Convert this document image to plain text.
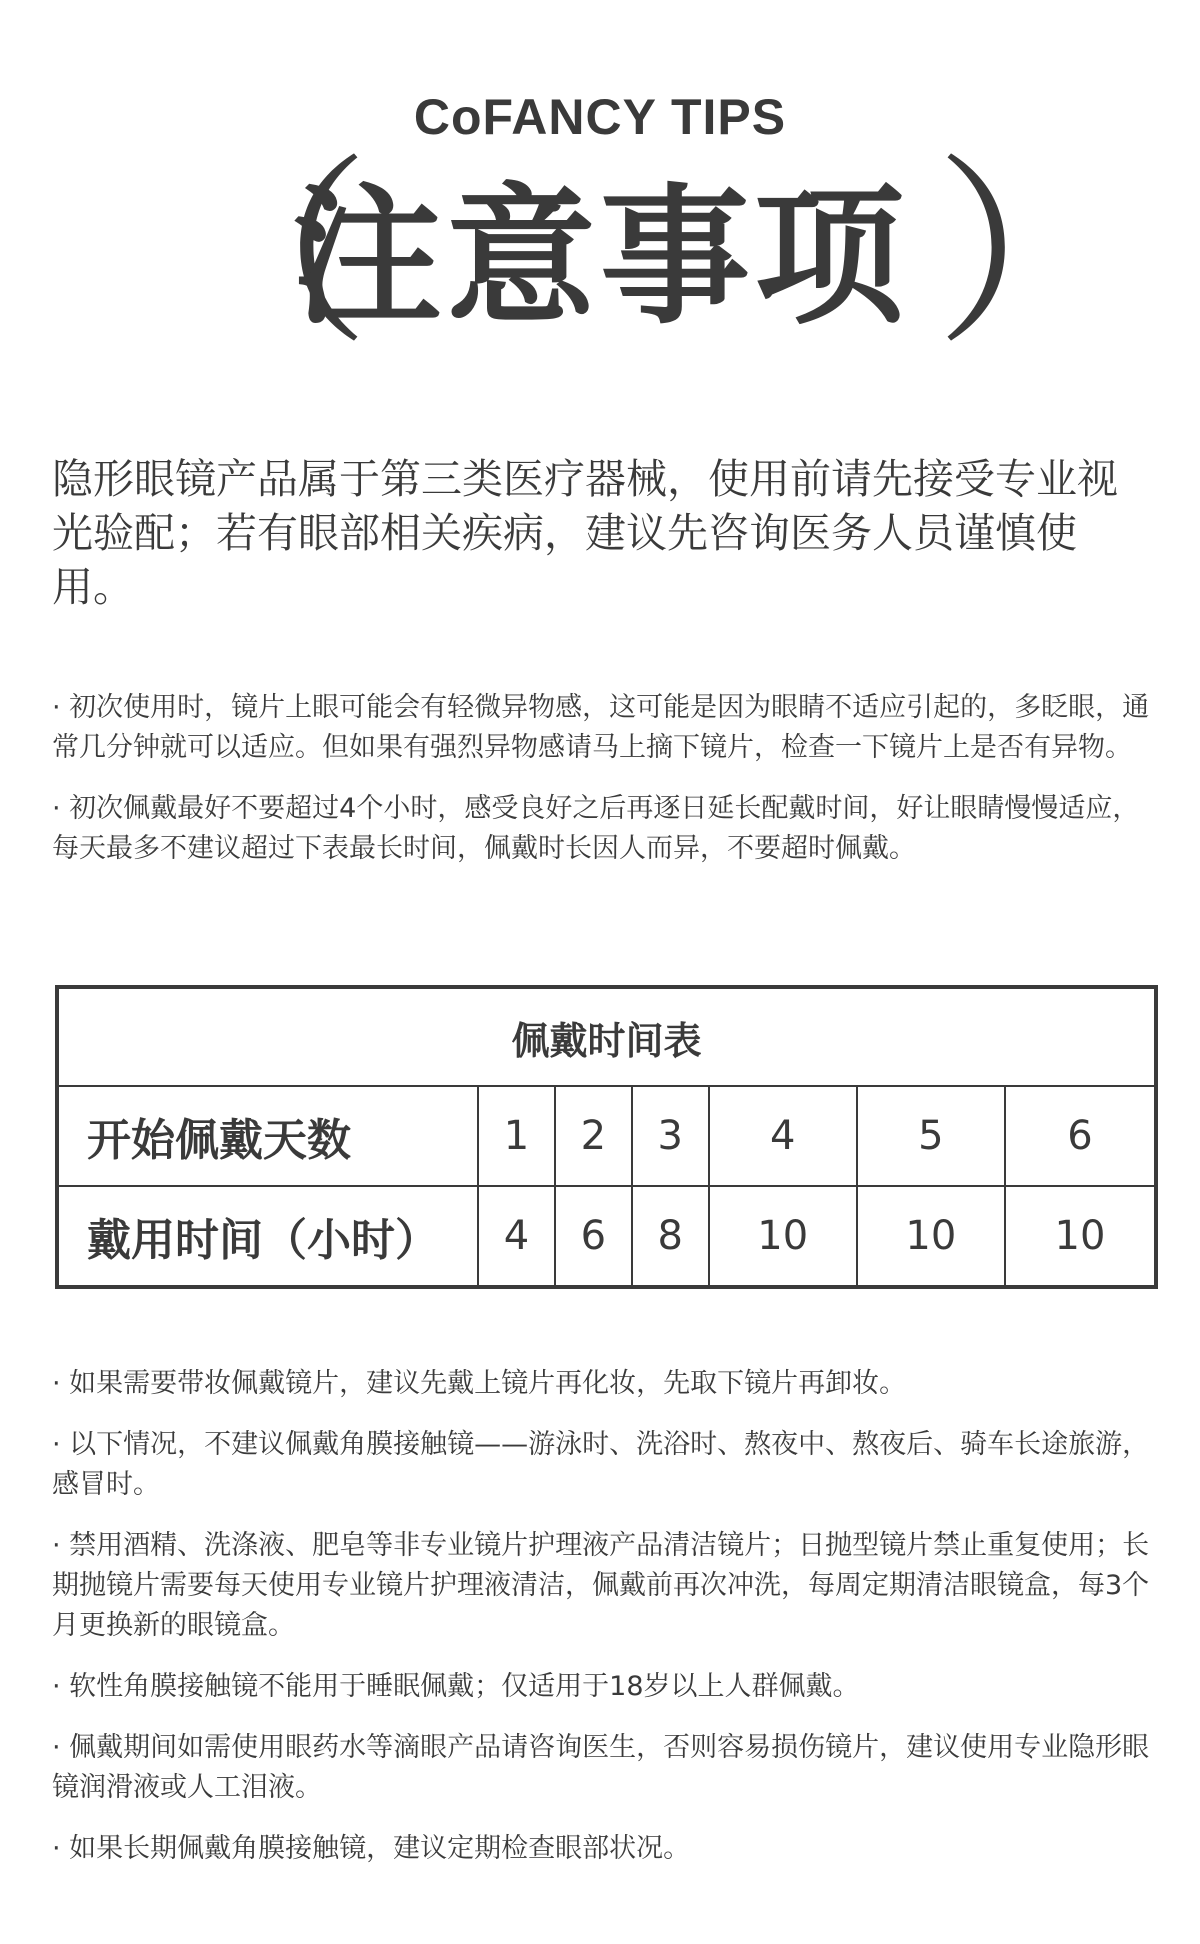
CoFANCY TIPS
（
注意事项 ）

隐形眼镜产品属于第三类医疗器械，使用前请先接受专业视光验配；若有眼部相关疾病，建议先咨询医务人员谨慎使用。

· 初次使用时，镜片上眼可能会有轻微异物感，这可能是因为眼睛不适应引起的，多眨眼，通常几分钟就可以适应。但如果有强烈异物感请马上摘下镜片，检查一下镜片上是否有异物。

· 初次佩戴最好不要超过4个小时，感受良好之后再逐日延长配戴时间，好让眼睛慢慢适应，每天最多不建议超过下表最长时间，佩戴时长因人而异，不要超时佩戴。

佩戴时间表						
开始佩戴天数	1	2	3	4	5	6
戴用时间（小时）	4	6	8	10	10	10

· 如果需要带妆佩戴镜片，建议先戴上镜片再化妆，先取下镜片再卸妆。

· 以下情况，不建议佩戴角膜接触镜——游泳时、洗浴时、熬夜中、熬夜后、骑车长途旅游，感冒时。

· 禁用酒精、洗涤液、肥皂等非专业镜片护理液产品清洁镜片；日抛型镜片禁止重复使用；长期抛镜片需要每天使用专业镜片护理液清洁，佩戴前再次冲洗，每周定期清洁眼镜盒，每3个月更换新的眼镜盒。

· 软性角膜接触镜不能用于睡眠佩戴；仅适用于18岁以上人群佩戴。

· 佩戴期间如需使用眼药水等滴眼产品请咨询医生，否则容易损伤镜片，建议使用专业隐形眼镜润滑液或人工泪液。

· 如果长期佩戴角膜接触镜，建议定期检查眼部状况。
